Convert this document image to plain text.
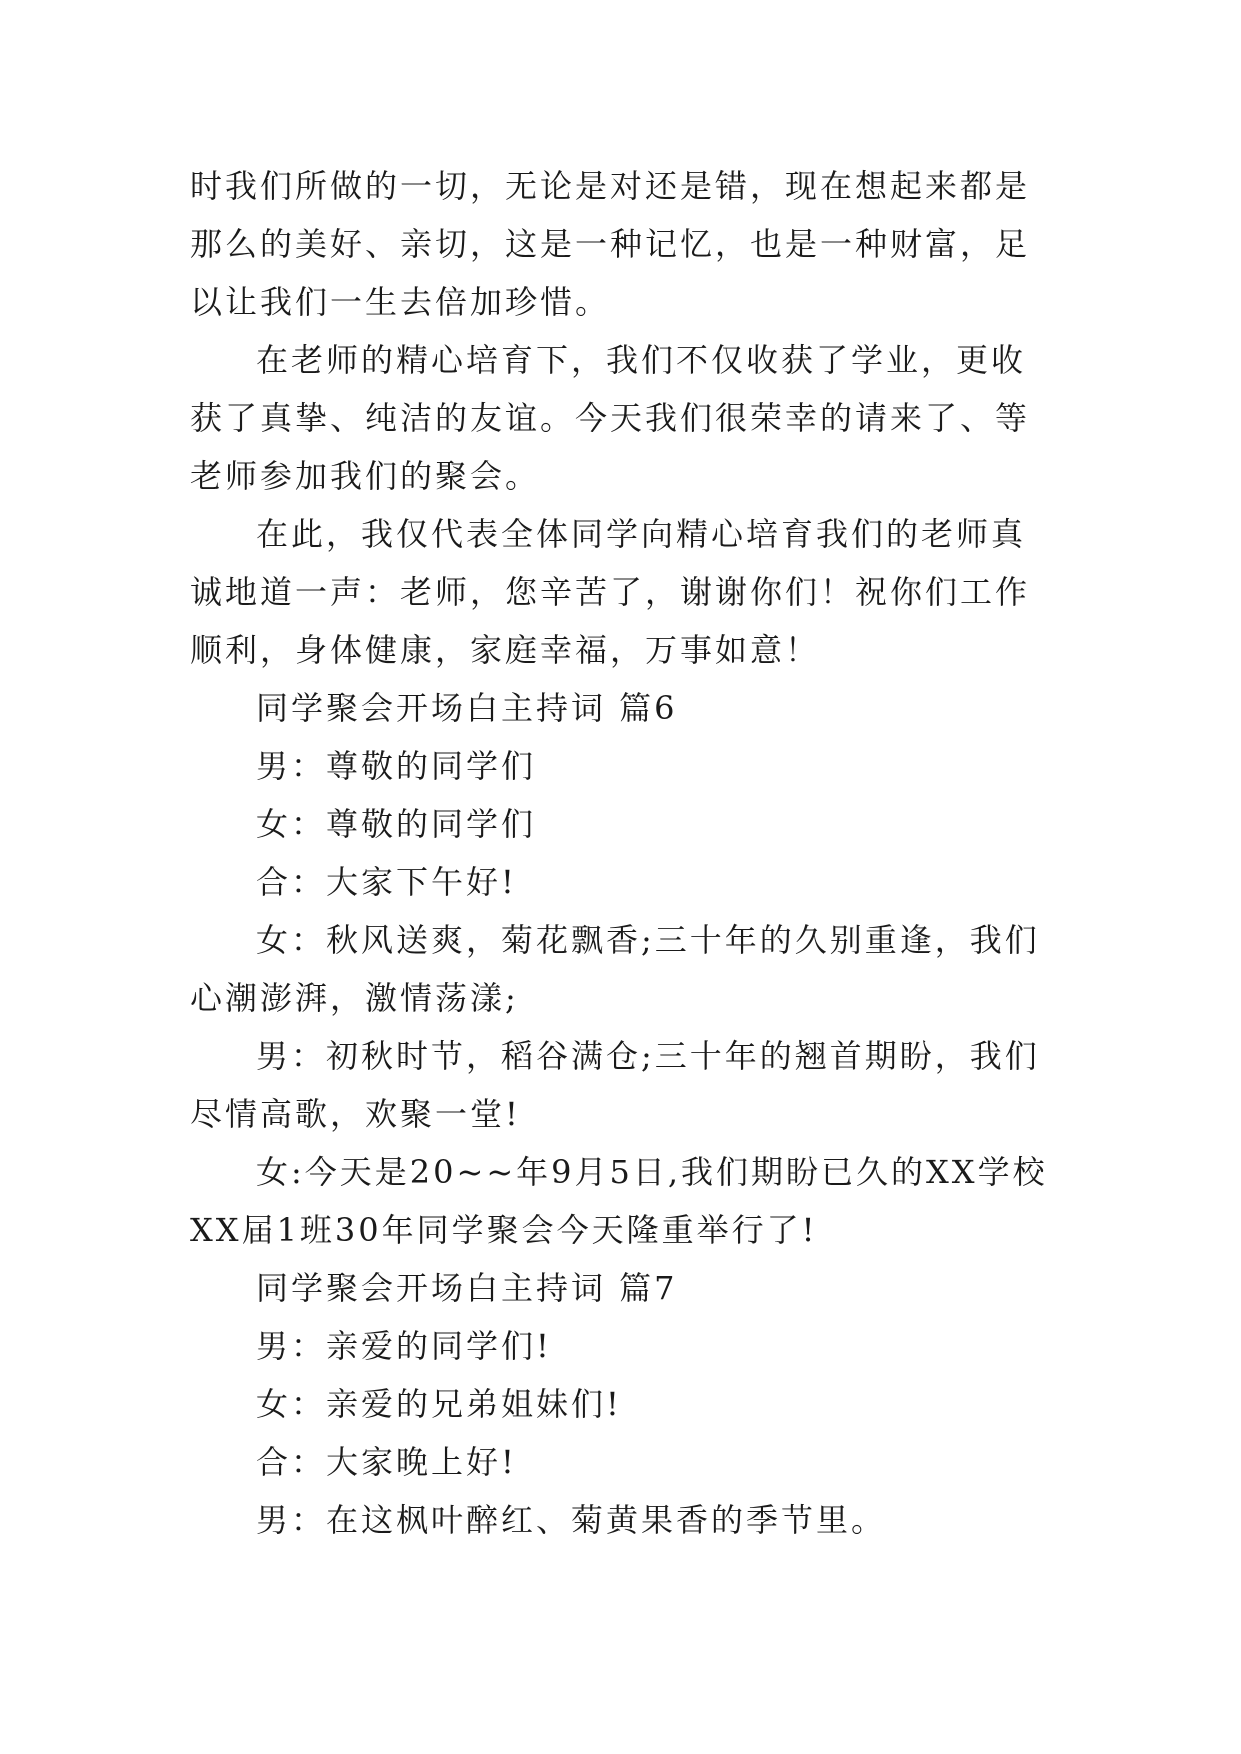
时我们所做的一切，无论是对还是错，现在想起来都是那么的美好、亲切，这是一种记忆，也是一种财富，足以让我们一生去倍加珍惜。

在老师的精心培育下，我们不仅收获了学业，更收获了真挚、纯洁的友谊。今天我们很荣幸的请来了、等老师参加我们的聚会。

在此，我仅代表全体同学向精心培育我们的老师真诚地道一声：老师，您辛苦了，谢谢你们！祝你们工作顺利，身体健康，家庭幸福，万事如意！

同学聚会开场白主持词 篇6

男：尊敬的同学们

女：尊敬的同学们

合：大家下午好!

女：秋风送爽，菊花飘香;三十年的久别重逢，我们心潮澎湃，激情荡漾;

男：初秋时节，稻谷满仓;三十年的翘首期盼，我们尽情高歌，欢聚一堂!

女:今天是20~~年9月5日,我们期盼已久的XX学校XX届1班30年同学聚会今天隆重举行了!

同学聚会开场白主持词 篇7

男：亲爱的同学们!

女：亲爱的兄弟姐妹们!

合：大家晚上好!

男：在这枫叶醉红、菊黄果香的季节里。
